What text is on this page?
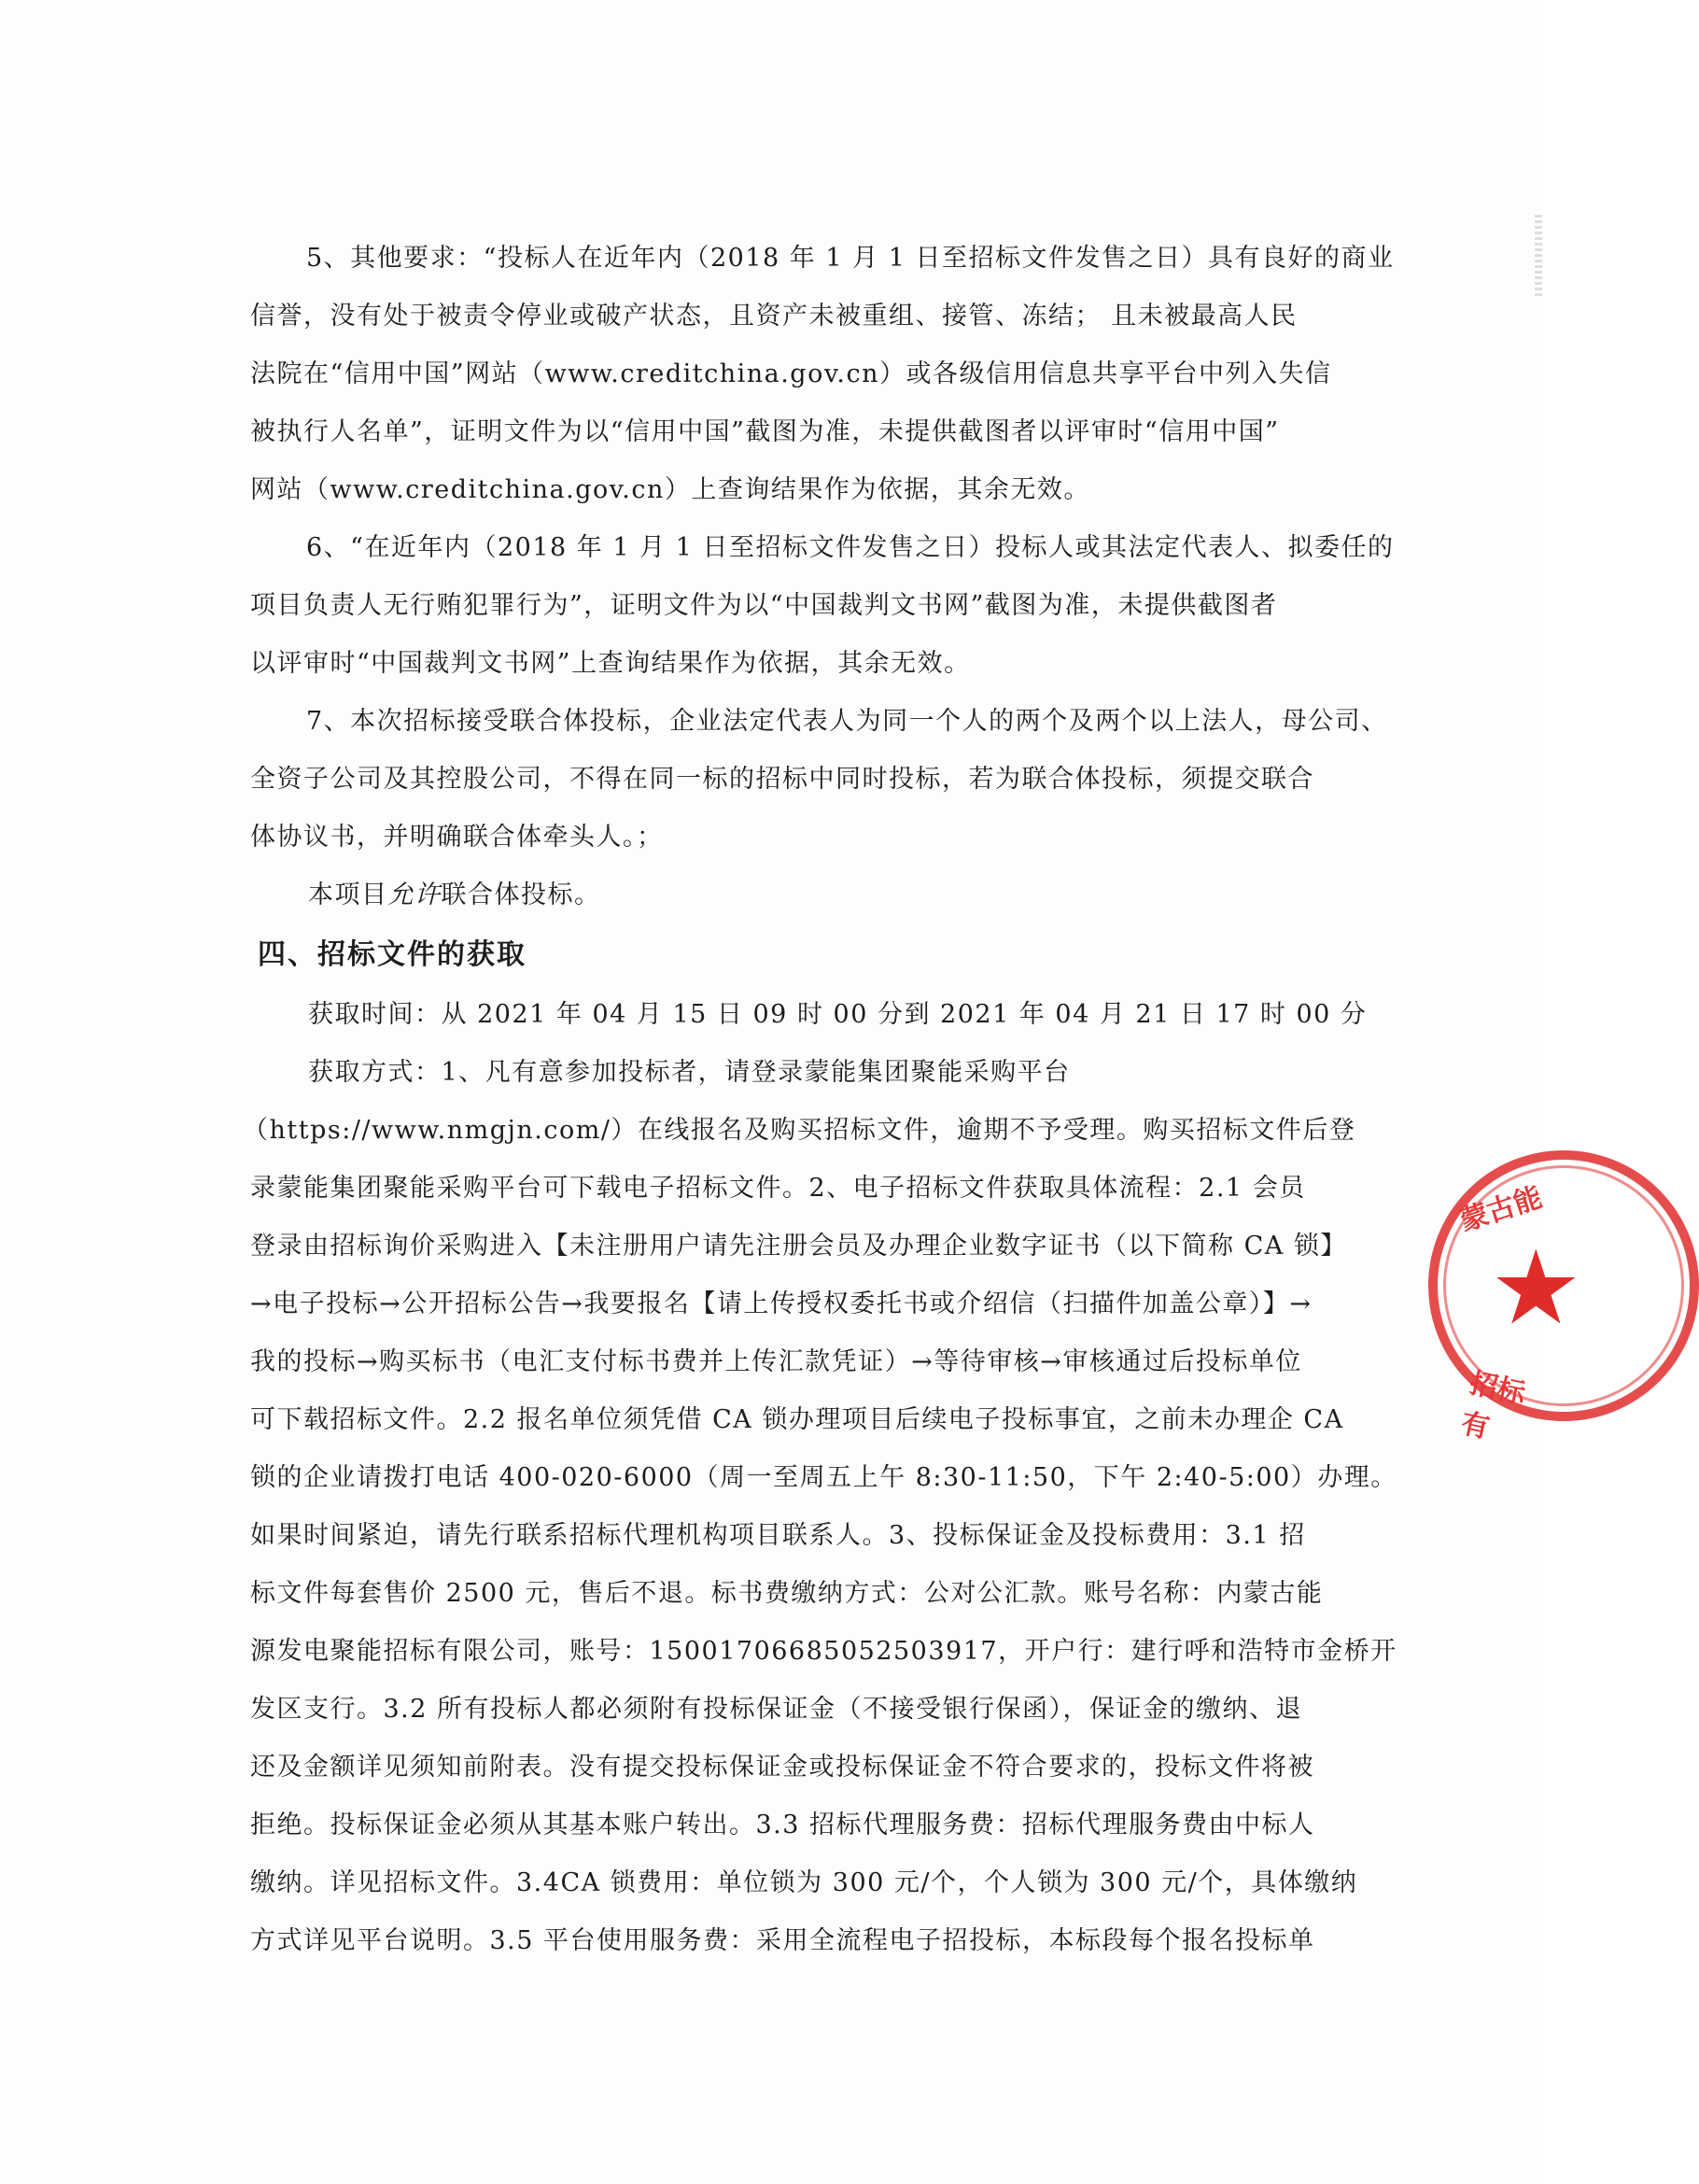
5、其他要求：“投标人在近年内（2018 年 1 月 1 日至招标文件发售之日）具有良好的商业
信誉，没有处于被责令停业或破产状态，且资产未被重组、接管、冻结； 且未被最高人民
法院在“信用中国”网站（www.creditchina.gov.cn）或各级信用信息共享平台中列入失信
被执行人名单”，证明文件为以“信用中国”截图为准，未提供截图者以评审时“信用中国”
网站（www.creditchina.gov.cn）上查询结果作为依据，其余无效。
6、“在近年内（2018 年 1 月 1 日至招标文件发售之日）投标人或其法定代表人、拟委任的
项目负责人无行贿犯罪行为”，证明文件为以“中国裁判文书网”截图为准，未提供截图者
以评审时“中国裁判文书网”上查询结果作为依据，其余无效。
7、本次招标接受联合体投标，企业法定代表人为同一个人的两个及两个以上法人，母公司、
全资子公司及其控股公司，不得在同一标的招标中同时投标，若为联合体投标，须提交联合
体协议书，并明确联合体牵头人。；
本项目允许联合体投标。
四、招标文件的获取
获取时间：从 2021 年 04 月 15 日 09 时 00 分到 2021 年 04 月 21 日 17 时 00 分
获取方式：1、凡有意参加投标者，请登录蒙能集团聚能采购平台
（https://www.nmgjn.com/）在线报名及购买招标文件，逾期不予受理。购买招标文件后登
录蒙能集团聚能采购平台可下载电子招标文件。2、电子招标文件获取具体流程：2.1 会员
登录由招标询价采购进入【未注册用户请先注册会员及办理企业数字证书（以下简称 CA 锁】
→电子投标→公开招标公告→我要报名【请上传授权委托书或介绍信（扫描件加盖公章）】→
我的投标→购买标书（电汇支付标书费并上传汇款凭证）→等待审核→审核通过后投标单位
可下载招标文件。2.2 报名单位须凭借 CA 锁办理项目后续电子投标事宜，之前未办理企 CA
锁的企业请拨打电话 400-020-6000（周一至周五上午 8:30-11:50，下午 2:40-5:00）办理。
如果时间紧迫，请先行联系招标代理机构项目联系人。3、投标保证金及投标费用：3.1 招
标文件每套售价 2500 元，售后不退。标书费缴纳方式：公对公汇款。账号名称：内蒙古能
源发电聚能招标有限公司，账号：15001706685052503917，开户行：建行呼和浩特市金桥开
发区支行。3.2 所有投标人都必须附有投标保证金（不接受银行保函），保证金的缴纳、退
还及金额详见须知前附表。没有提交投标保证金或投标保证金不符合要求的，投标文件将被
拒绝。投标保证金必须从其基本账户转出。3.3 招标代理服务费：招标代理服务费由中标人
缴纳。详见招标文件。3.4CA 锁费用：单位锁为 300 元/个，个人锁为 300 元/个，具体缴纳
方式详见平台说明。3.5 平台使用服务费：采用全流程电子招投标，本标段每个报名投标单
蒙古能
★
招标有
